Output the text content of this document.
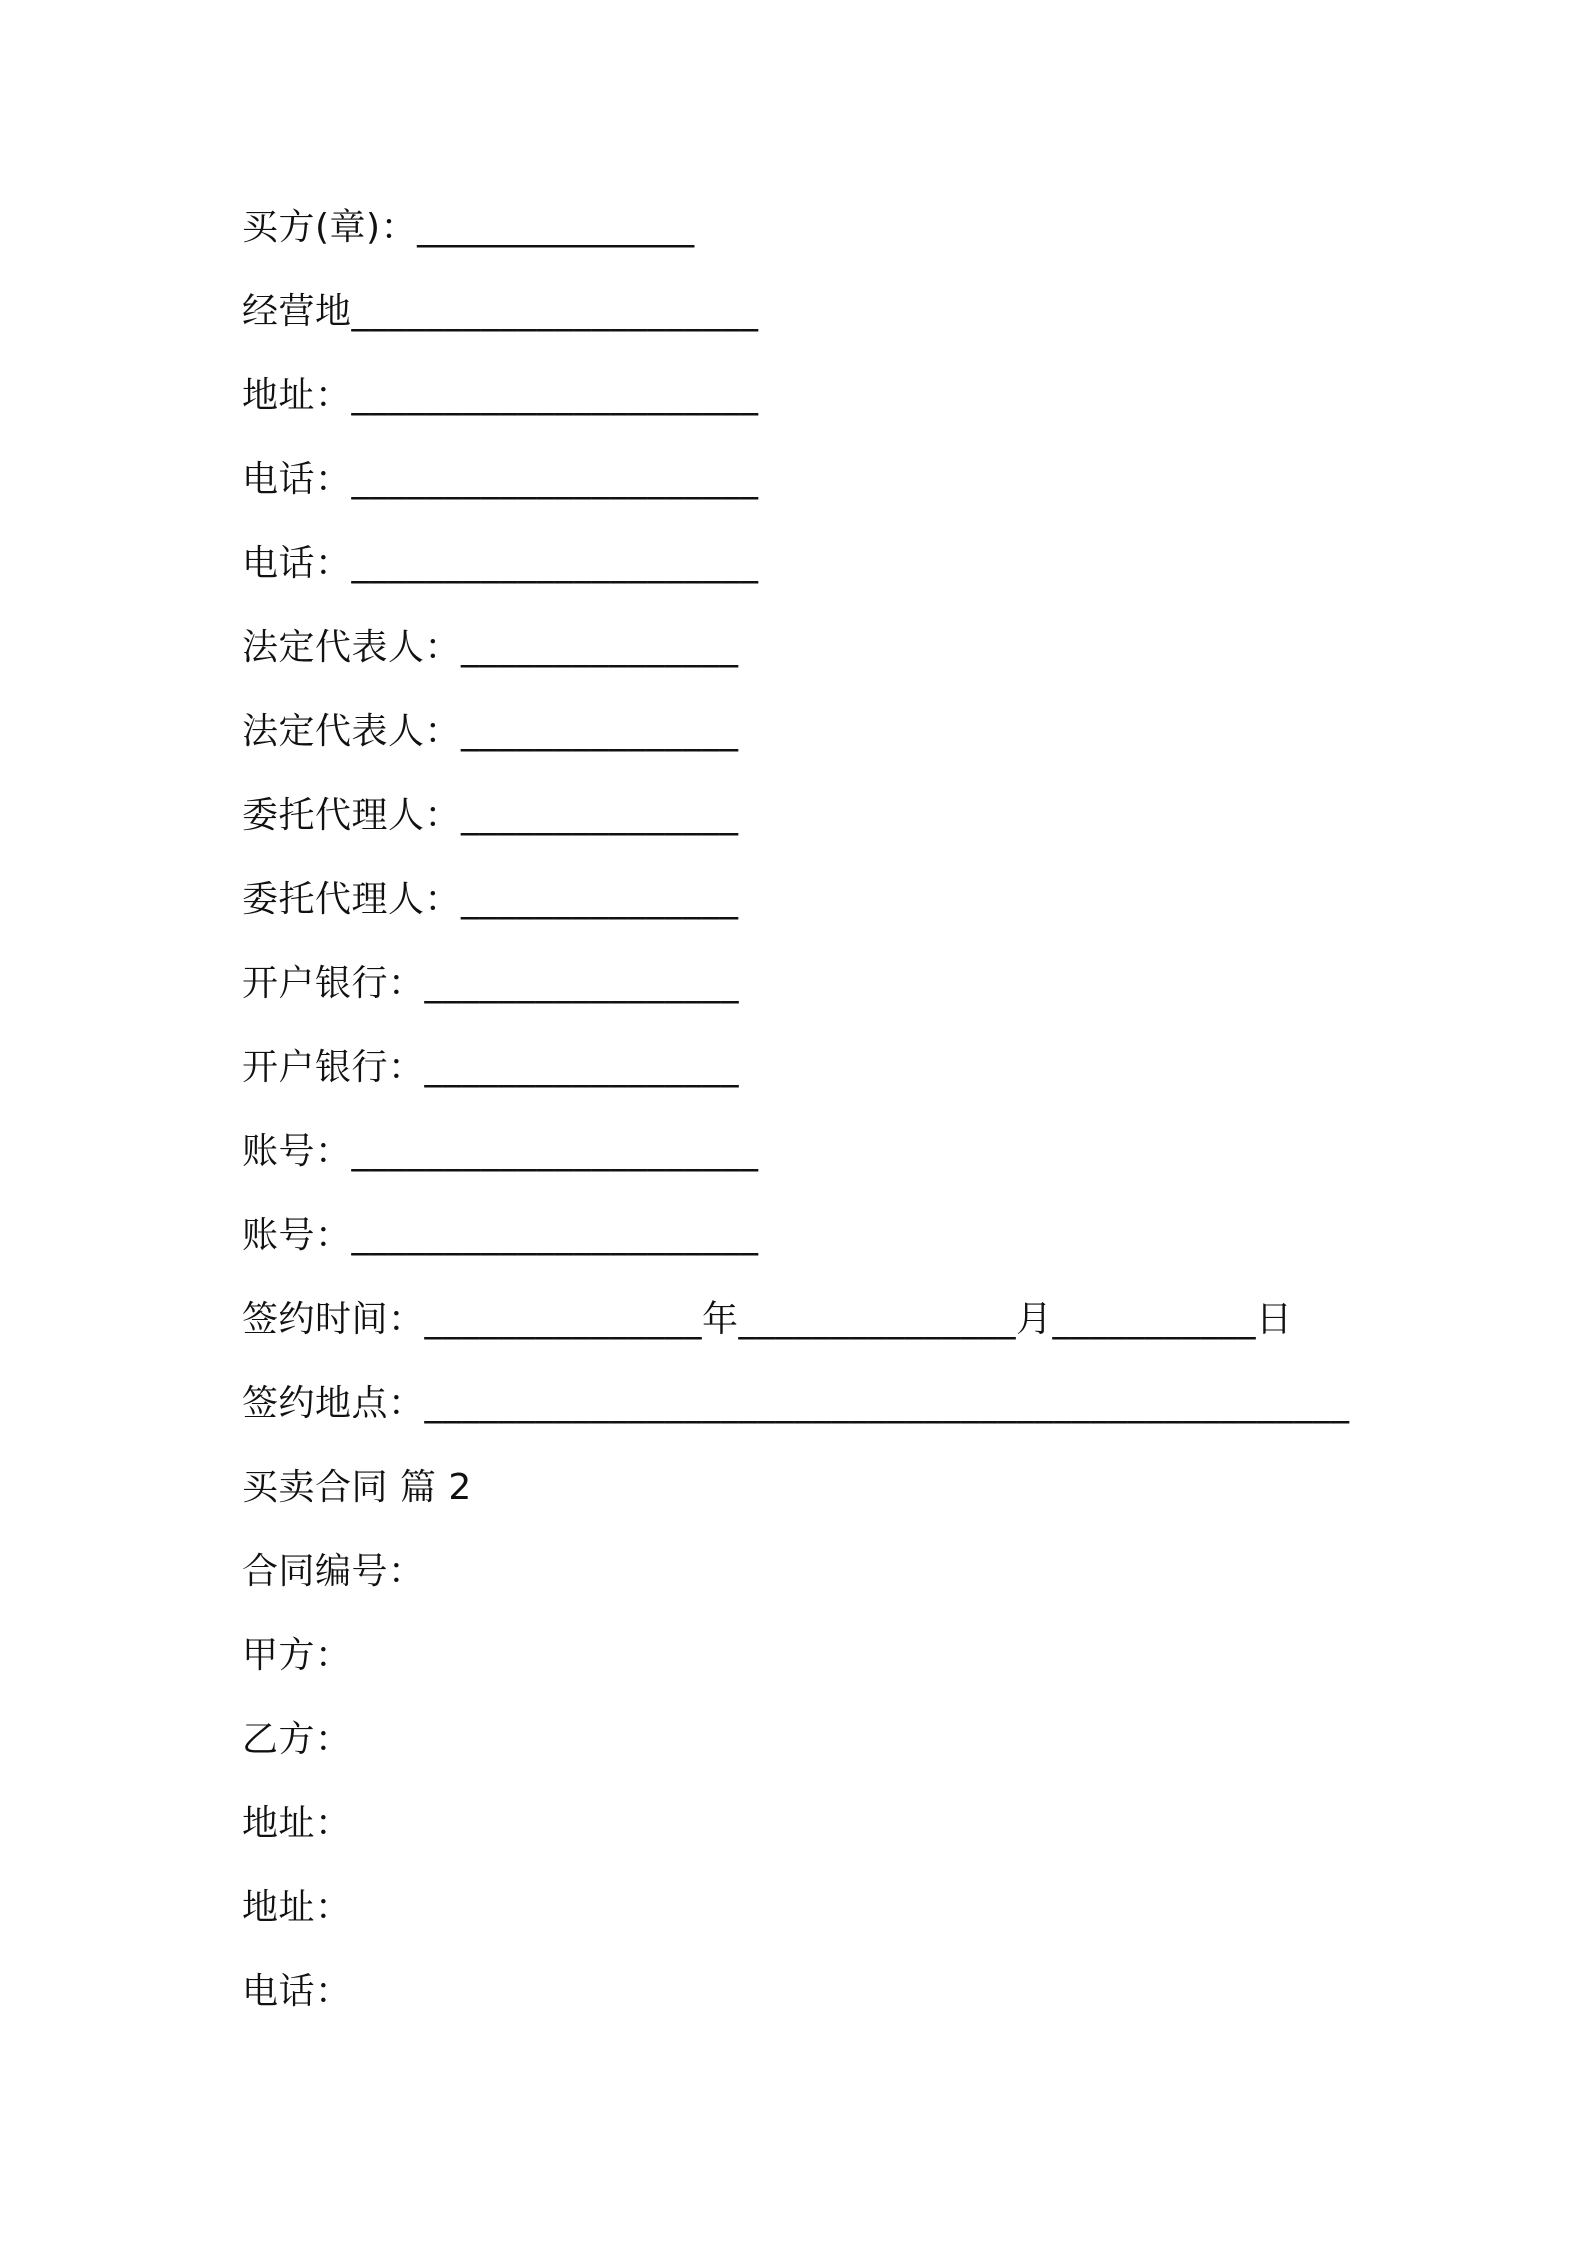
买方(章)：_______________
经营地______________________
地址：______________________
电话：______________________
电话：______________________
法定代表人：_______________
法定代表人：_______________
委托代理人：_______________
委托代理人：_______________
开户银行：_________________
开户银行：_________________
账号：______________________
账号：______________________
签约时间：_______________年_______________月___________日
签约地点：__________________________________________________
买卖合同 篇 2
合同编号：
甲方：
乙方：
地址：
地址：
电话：
